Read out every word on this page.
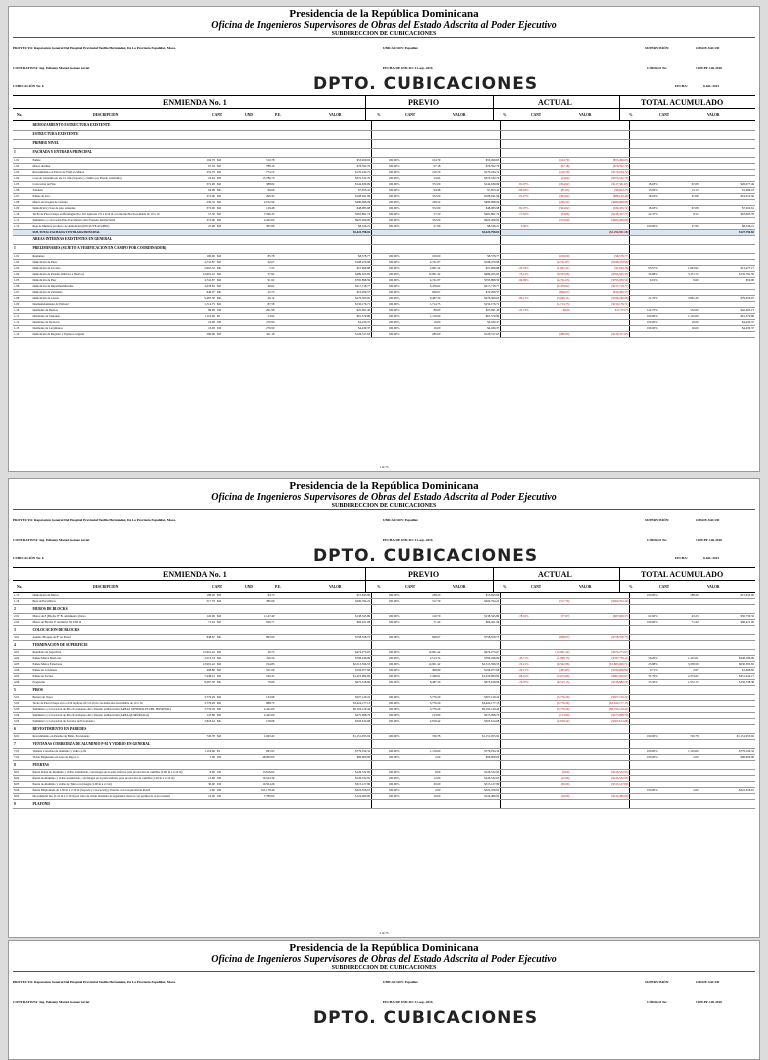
Presidencia de la República Dominicana
Oficina de Ingenieros Supervisores de Obras del Estado Adscrita al Poder Ejecutivo
SUBDIRECCION DE CUBICACIONES
PROYECTO: Reparación General Del Hospital Provincial Teófilo Hernández, De La Provincia Españilat, Moca.	UBICACION: Espaillat	SUPERVISIÓN:	OISOE-SALUD
CONTRATISTA: Ing. Edianny Maciel Gomez Javier	FECHA DE INICIO: 21-sep.-2016	CÓDIGO No:	1109-PF-126-2016
CUBICACIÓN No. 6	FECHA:	8-feb.-2021
DPTO. CUBICACIONES
ENMIENDA No. 1	PREVIO	ACTUAL	TOTAL ACUMULADO
No.	DESCRIPCION	CANT	UND	P.U.	VALOR	%	CANT	VALOR	%	CANT	VALOR	%	CANT	VALOR
	REMOZAMIENTO ESTRUCTURA EXISTENTE													
	ESTRUCTURA EXISTENTE													
	PRIMER NIVEL													
1	FACHADA Y ENTRADA PRINCIPAL													
1.01	Pañete	104.79	M2	510.78	$53,499.65	100.00%	104.79	$53,499.65		(104.79)	($53,499.65)			
1.02	Muros derriber	97.18	M2	788.19	$76,592.70	100.00%	97.18	$76,592.70		(97.18)	($76,592.70)			
1.03	Revestimiento en Placas de Vinil en Muros	219.79	M2	774.72	$170,244.72	100.00%	219.79	$170,244.72		(219.79)	($170,244.72)			
1.04	Losa de ventanilla en ele 15 cms (Soporte y cambio por Pisado ventanilla)	24.64	M3	15,780.70	$370,532.70	100.00%	24.64	$370,532.70		(24.64)	($370,532.70)			
1.05	Colocación de Fino	372.00	M2	388.82	$144,639.09	100.00%	372.00	$144,639.09	-81.97%	(304.92)	($117,561.63)	18.03%	67.08	$26,077.46
1.06	Zabaleta	94.98	ML	69.60	$7,953.41	100.00%	94.98	$7,953.41	-86.18%	(81.85)	($6,854.23)	13.82%	13.13	$1,099.18
1.07	Pañete de losa	372.00	M2	290.43	$108,041.96	100.00%	372.00	$108,041.96	-81.97%	(304.92)	($88,129.46)	18.03%	67.08	$19,912.50
1.08	Muros en bloques de ventana	239.52	M2	2,012.90	$480,998.06	100.00%	239.52	$480,998.06		(239.52)	($480,998.06)			
1.09	Demolición y bote de piso existente	372.00	M2	129.48	$48,083.98	100.00%	372.00	$48,083.98	-81.97%	(304.92)	($39,476.72)	18.03%	67.08	$7,022.61
1.10	Techo de Placa Chapa en Heratugne Pro 210 lapilosas 2 ft x 6.10 m con molde Electrosoldable de 10 x 10	57.50	M2	7,596.33	$281,891.74	100.00%	57.50	$281,891.74	-77.63%	(24.66)	($218,327.77)	22.37%	8.52	$63,063.78
1.11	Suministro y colocación Piso Porcelanato Alto Transito Antibacterial	372.00	M2	2,432.00	$925,260.00	100.00%	372.00	$925,260.00		(372.00)	($925,260.00)			
1.12	Reja de Mamore producto de demolición (INCLUYE ACOPIO)	27.90	M3	305.96	$8,536.21	100.00%	27.90	$8,536.21	0.00%			100.00%	27.90	$8,536.21
	SUB-TOTAL FACHADA Y ENTRADA PRINCIPAL				$3,423,798.02			$3,423,798.02			($3,296,901.28)			$127,794.82
	AREAS INTERNAS EXISTENTES EN GENERAL													
1	PRELIMINARES (SUJETO A VERIFICACION EN CAMPO POR COORDINADOR)													
1.01	Replanteo	100.00	M2	85.78	$8,578.77	100.00%	100.00	$8,578.77		(100.00)	($8,578.77)			
1.02	Demolición de Pisos	4,741.87	M2	42.07	$198,479.96	100.00%	4,741.87	$198,479.96		(4,741.87)	($198,479.96)			
1.03	Demolición de Zocalos	2,991.32	ML	7.25	$21,996.88	100.00%	2,991.32	$21,996.88	-26.33%	(1,097.41)	($7,934.76)	63.67%	1,903.92	$13,477.17
1.04	Demolición de Paredes (Interior e Interior)	12,901.42	M2	37.92	$489,425.85	100.00%	12,901.42	$489,425.85	-73.12%	(9,533.06)	($356,565.35)	26.88%	3,371.72	$132,781.59
1.05	Demolición de Pisa	4,741.87	M2	91.92	$795,898.59	100.00%	4,741.87	$795,898.59	-99.99%	(4,741.63)	($795,839.59)	0.01%	0.69	$59.00
1.06	Demolición de Impermeabilizante	4,478.02	M2	48.62	$217,718.77	100.00%	4,478.02	$217,718.77		(4,478.02)	($217,718.77)			
1.07	Demolición de Zabaletas	849.07	ML	22.73	$19,299.57	100.00%	849.07	$19,299.57		(849.07)	($19,299.57)			
1.08	Demolición de Cuarto	9,487.30	ML	29.12	$276,300.05	100.00%	9,487.30	$276,300.05	-80.21%	(5,626.11)	($196,240.06)	21.79%	3,861.29	$79,059.97
1.09	Desmantelamiento de Plafond	1,714.75	M2	87.58	$150,176.71	100.00%	1,714.75	$150,176.71		(1,714.75)	($150,176.71)			
1.10	Desmonte de Puertas	86.00	UD	291.98	$25,091.40	100.00%	86.00	$25,091.40	-22.73%	66.00	$17,373.73	122.73%	152.00	$42,465.13
1.11	Desmonte de Ventanas	1,119.60	P2	54.92	$61,579.80	100.00%	1,119.60	$61,579.80				100.00%	1,119.60	$61,579.80
1.12	Desmonte de Inodoros	16.00	UD	276.90	$4,430.37	100.00%	16.00	$4,430.37				100.00%	16.00	$4,430.37
1.13	Desmonte de Lavamanos	16.00	UD	276.90	$4,430.37	100.00%	16.00	$4,430.37				100.00%	16.00	$4,430.37
1.14	Demolición de Registro y Equipos original	280.00	M3	451.19	$126,317.63	100.00%	280.00	$126,317.63		(280.00)	($126,317.63)			
1 de 73
Presidencia de la República Dominicana
Oficina de Ingenieros Supervisores de Obras del Estado Adscrita al Poder Ejecutivo
SUBDIRECCION DE CUBICACIONES
PROYECTO: Reparación General Del Hospital Provincial Teófilo Hernández, De La Provincia Españilat, Moca.	UBICACION: Espaillat	SUPERVISIÓN:	OISOE-SALUD
CONTRATISTA: Ing. Edianny Maciel Gomez Javier	FECHA DE INICIO: 21-sep.-2016	CÓDIGO No:	1109-PF-126-2016
CUBICACIÓN No. 6	FECHA:	8-feb.-2021
DPTO. CUBICACIONES
ENMIENDA No. 1	PREVIO	ACTUAL	TOTAL ACUMULADO
No.	DESCRIPCION	CANT	UND	P.U.	VALOR	%	CANT	VALOR	%	CANT	VALOR	%	CANT	VALOR
1.15	Demolición de Muros	188.20	M3	84.73	$15,945.90	100.00%	188.20	$15,945.90				100.00%	188.20	$15,945.90
1.16	Bote de Escombros	517.79	M3	385.96	$200,794.22	100.00%	517.79	$200,794.22		(517.79)	($200,794.22)			
2	MUROS DE BLOCKS													
2.01	Muros de 8 (Bloche 8" B. aditamento (bloso	120.90	M2	1,147.49	$138,345.89	100.00%	120.70	$138,345.89	-78.03%	(77.67)	($87,606.57)	61.90%	43.23	$50,739.32
2.02	Muros de Bloche 6" Aventura SS 0.60 m	71.44	M2	929.77	$66,421.06	100.00%	71.44	$66,421.06				100.00%	71.44	$66,421.06
3	COLOCACION DE BLOCKS													
3.01	Asiento Bloques de 8" en Pared	848.67	ML	893.90	$758,558.75	100.00%	848.67	$758,558.75		(848.67)	($758,558.75)			
4	TERMINACION DE SUPERFICIE													
4.01	Repellado de Superficie	12,901.42	M2	36.75	$474,273.67	100.00%	12,901.42	$474,273.67		(12,901.42)	($474,273.67)			
4.02	Pañete Muros Interiores	2,513.74	M2	316.50	$796,446.99	100.00%	2,513.74	$796,446.99	-43.71%	(1,098.73)	($347,759.11)	56.29%	1,415.01	$448,186.99
4.03	Pañete Muros Exteriores	12,901.42	M2	194.83	$2,513,596.53	100.00%	12,901.42	$2,513,596.53	-74.12%	(9,562.86)	($1,863,000.71)	25.88%	3,338.56	$650,595.82
4.04	Pañete en Columnas	408.80	M2	521.09	$194,077.66	100.00%	408.80	$194,077.66	-29.15%	(405.83)	($192,608.84)	0.71%	2.97	$1,468.82
4.05	Pañete en Techos	7,448.91	M2	190.45	$1,419,084.84	100.00%	7,448.91	$1,419,084.84	-68.21%	(5,073.96)	($967,650.67)	31.79%	2,374.95	$451,434.17
4.06	Fraguache	8,487.30	ML	79.60	$675,618.90	100.00%	8,487.30	$675,618.90	-76.70%	(6,515.15)	($518,880.52)	23.30%	1,972.15	$156,738.38
5	PISOS													
5.01	Barrera de Vapor	3,776.29	M2	134.98	$507,129.22	100.00%	3,776.29	$507,129.22		(3,776.29)	($507,129.22)			
5.02	Techo de Placa Chapa en Co-210 lapilosa 2ft x 6.10 m con malla electrosoldable de 10 x 10	3,776.29	M2	988.73	$3,424,177.13	100.00%	3,776.29	$3,424,177.13		(3,776.29)	($3,424,177.13)			
5.03	Suministro y Colocación de Piso Porcelanato Alto Tránsito antibacterial (AREAS GENERALES DEL HOSPITAL)	3,776.29	M2	2,432.00	$9,193,129.44	100.00%	3,776.29	$9,193,129.44		(3,776.29)	($9,193,129.44)			
5.04	Suministro y Colocación de Piso Porcelanato Alto Tránsito antibacterial (AREA QUIRÚRGICA)	123.80	M2	2,432.00	$275,998.70	100.00%	123.80	$275,998.70		(123.80)	($275,998.70)			
5.05	Suministro y Colocación de Zócalos de Porcelanato	2,818.42	ML	178.68	$503,614.68	100.00%	2,818.42	$503,614.68		(2,818.42)	($503,614.68)			
6	REVESTIMIENTO EN PAREDES													
6.01	Revestimiento en Paredes de Baño, Porcelanato	720.78	M2	1,963.43	$1,151,955.92	100.00%	720.78	$1,151,955.92				100.00%	720.78	$1,151,955.92
7	VENTANAS CORREDIZA DE ALUMINIO P-92 Y VIDRIO EN GENERAL													
7.01	Ventana Corrediza de aluminio y vidrio p-92	1,119.60	P2	695.95	$779,194.32	100.00%	1,119.60	$779,194.32				100.00%	1,119.60	$779,194.32
7.02	Vidrio Empleando en Area de Rayos x	2.00	UD	48,000.00	$96,000.00	100.00%	2.00	$96,000.00				100.00%	2.00	$96,000.00
8	PUERTAS													
8.01	Puerta Doble de Aluminio y vidrio translúcido, con bisagra en la parte inferior para protección de camillas (2.00 m x 2.10 m)	8.00	UD	15,816.62	$126,532.95	100.00%	8.00	$126,532.95		(8.00)	($126,532.95)			
8.02	Puerta de Aluminio y vidrio translúcido, con bisagra en la parte inferior para protección de camillas (1.20 m x 2.10 m)	12.00	UD	10,544.39	$126,532.95	100.00%	12.00	$126,532.95		(12.00)	($126,532.95)			
8.03	Puerta de Aluminio y vidrio de Tinta con bisagra (1.00 m x 2.1 m)	30.00	UD	10,504.26	$315,127.80	100.00%	30.00	$315,127.80		(30.00)	($315,127.80)			
8.04	Puerta Emplomada de 1.50 m x 2.10 m (Soporte y colocación) y Puertas con Cerquerlación Pencil	2.00	UD	161,178.46	$322,356.91	100.00%	2.00	$322,356.91				100.00%	2.00	$322,356.91
8.05	De polimetal liso (1.10 m x 2.10 m) en vano de vidrio inastiado de seguridad, marcos con perfiles de acero normal	16.00	UD	7,780.00	$124,480.00	100.00%	16.00	$124,480.00		(16.00)	($124,480.00)			
9	PLAFOND													
2 de 73
Presidencia de la República Dominicana
Oficina de Ingenieros Supervisores de Obras del Estado Adscrita al Poder Ejecutivo
SUBDIRECCION DE CUBICACIONES
PROYECTO: Reparación General Del Hospital Provincial Teófilo Hernández, De La Provincia Españilat, Moca.	UBICACION: Espaillat	SUPERVISIÓN:	OISOE-SALUD
CONTRATISTA: Ing. Edianny Maciel Gomez Javier	FECHA DE INICIO: 21-sep.-2016	CÓDIGO No:	1109-PF-126-2016
DPTO. CUBICACIONES
